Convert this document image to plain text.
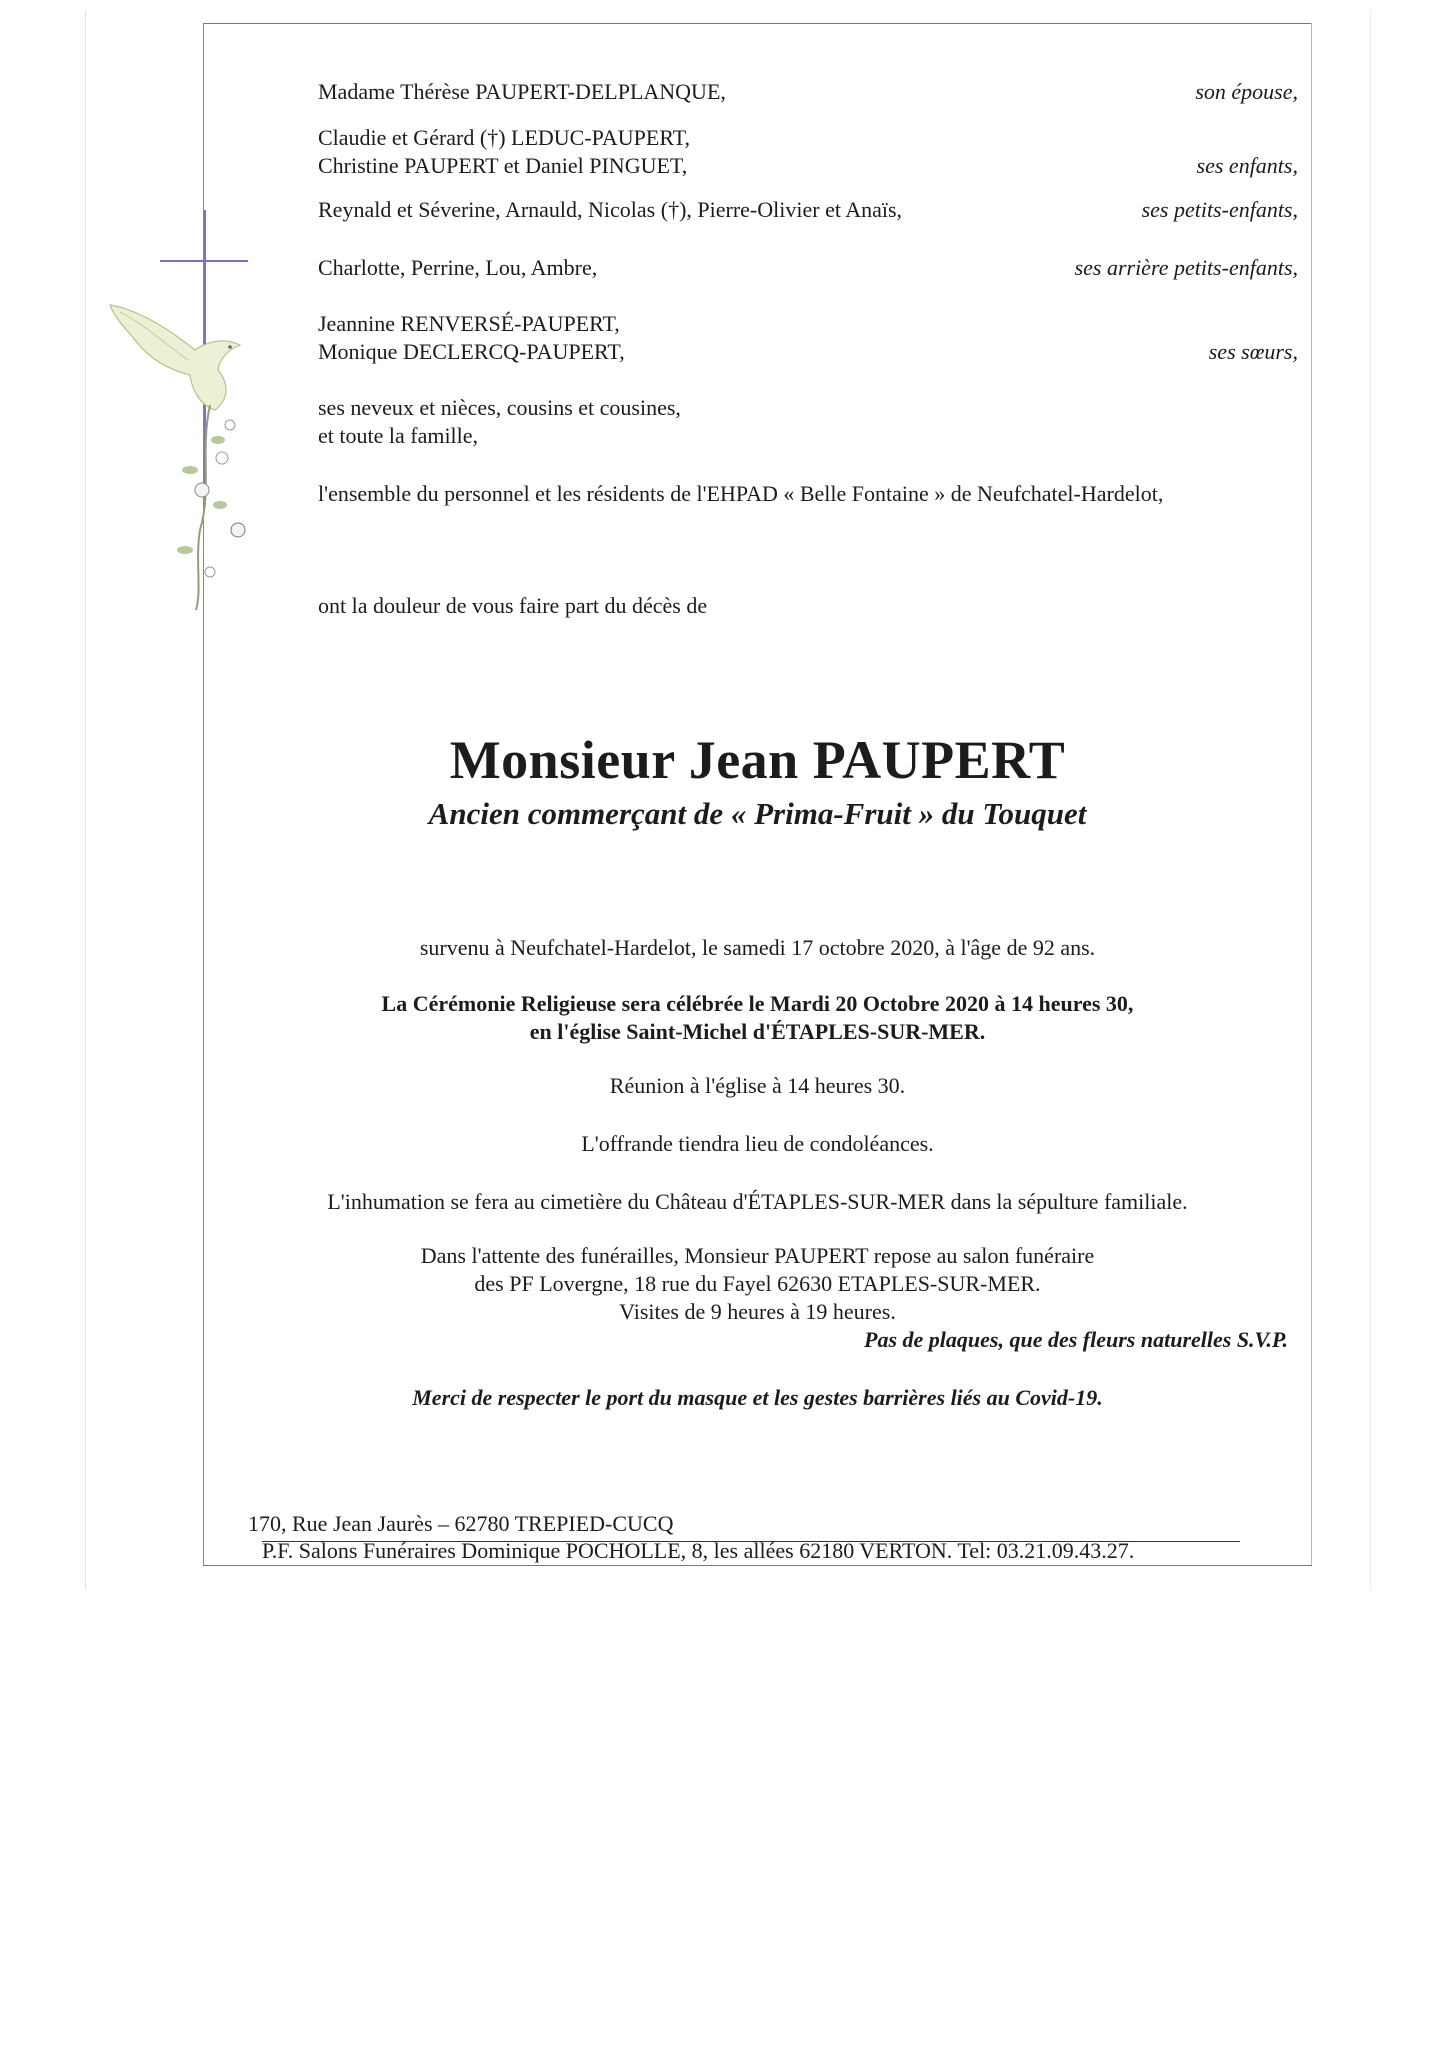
Madame Thérèse PAUPERT-DELPLANQUE,	son épouse,
Claudie et Gérard (†) LEDUC-PAUPERT,
Christine PAUPERT et Daniel PINGUET,	ses enfants,
Reynald et Séverine, Arnauld, Nicolas (†), Pierre-Olivier et Anaïs,	ses petits-enfants,
Charlotte, Perrine, Lou, Ambre,	ses arrière petits-enfants,
Jeannine RENVERSÉ-PAUPERT,
Monique DECLERCQ-PAUPERT,	ses sœurs,
ses neveux et nièces, cousins et cousines,
et toute la famille,
l'ensemble du personnel et les résidents de l'EHPAD « Belle Fontaine » de Neufchatel-Hardelot,
ont la douleur de vous faire part du décès de
Monsieur Jean PAUPERT
Ancien commerçant de « Prima-Fruit » du Touquet
survenu à Neufchatel-Hardelot, le samedi 17 octobre 2020, à l'âge de 92 ans.
La Cérémonie Religieuse sera célébrée le Mardi 20 Octobre 2020 à 14 heures 30,
en l'église Saint-Michel d'ÉTAPLES-SUR-MER.
Réunion à l'église à 14 heures 30.
L'offrande tiendra lieu de condoléances.
L'inhumation se fera au cimetière du Château d'ÉTAPLES-SUR-MER dans la sépulture familiale.
Dans l'attente des funérailles, Monsieur PAUPERT repose au salon funéraire
des PF Lovergne, 18 rue du Fayel 62630 ETAPLES-SUR-MER.
Visites de 9 heures à 19 heures.
Pas de plaques, que des fleurs naturelles S.V.P.
Merci de respecter le port du masque et les gestes barrières liés au Covid-19.
170, Rue Jean Jaurès – 62780 TREPIED-CUCQ
P.F. Salons Funéraires Dominique POCHOLLE, 8, les allées 62180 VERTON. Tel: 03.21.09.43.27.
